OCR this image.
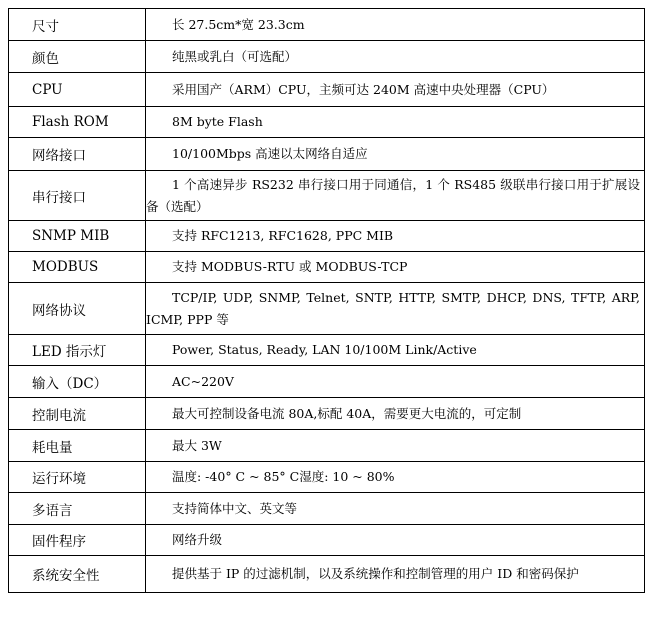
尺寸	长 27.5cm*宽 23.3cm
颜色	纯黑或乳白（可选配）
CPU	采用国产（ARM）CPU，主频可达 240M 高速中央处理器（CPU）
Flash ROM	8M byte Flash
网络接口	10/100Mbps 高速以太网络自适应
串行接口	1 个高速异步 RS232 串行接口用于同通信，1 个 RS485 级联串行接口用于扩展设备（选配）
SNMP MIB	支持 RFC1213, RFC1628, PPC MIB
MODBUS	支持 MODBUS-RTU 或 MODBUS-TCP
网络协议	TCP/IP, UDP, SNMP, Telnet, SNTP, HTTP, SMTP, DHCP, DNS, TFTP, ARP, ICMP, PPP 等
LED 指示灯	Power, Status, Ready, LAN 10/100M Link/Active
输入（DC）	AC~220V
控制电流	最大可控制设备电流 80A,标配 40A，需要更大电流的，可定制
耗电量	最大 3W
运行环境	温度: -40° C ~ 85° C湿度: 10 ~ 80%
多语言	支持简体中文、英文等
固件程序	网络升级
系统安全性	提供基于 IP 的过滤机制，以及系统操作和控制管理的用户 ID 和密码保护
